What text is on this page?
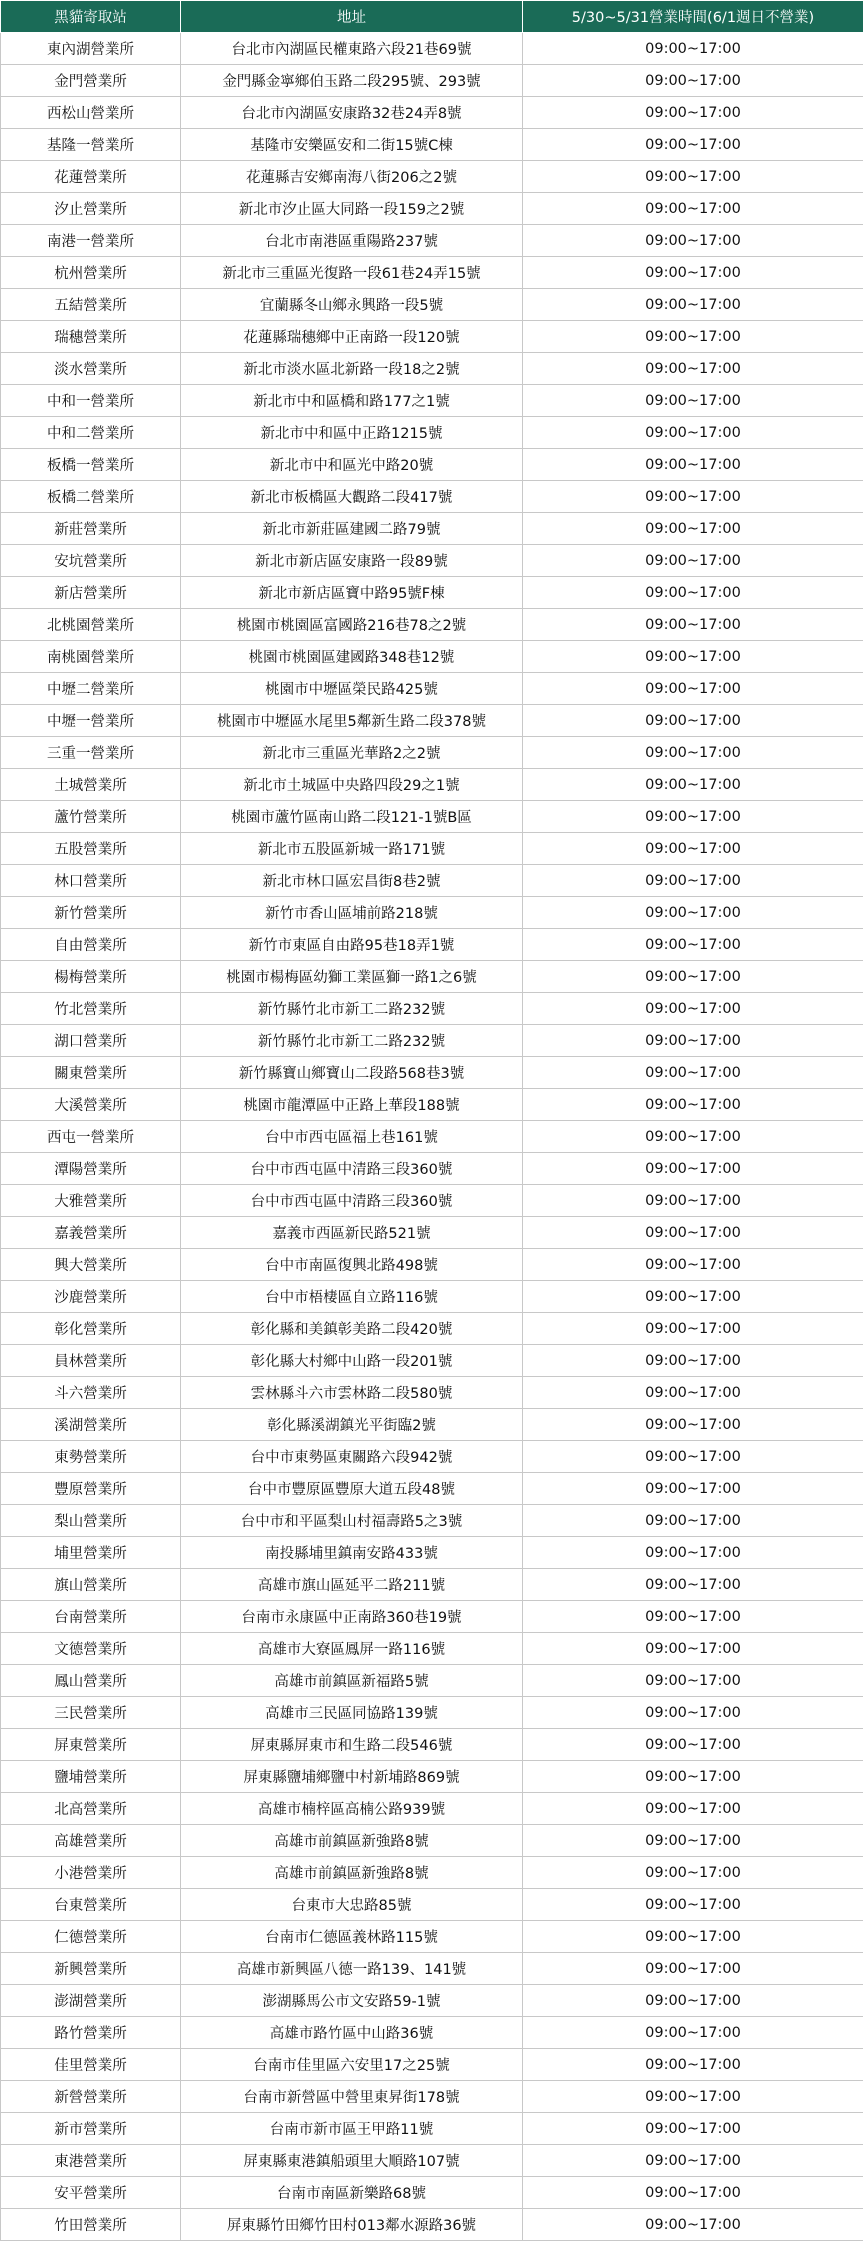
黑貓寄取站	地址	5/30~5/31營業時間(6/1週日不營業)
東內湖營業所	台北市內湖區民權東路六段21巷69號	09:00~17:00
金門營業所	金門縣金寧鄉伯玉路二段295號、293號	09:00~17:00
西松山營業所	台北市內湖區安康路32巷24弄8號	09:00~17:00
基隆一營業所	基隆市安樂區安和二街15號C棟	09:00~17:00
花蓮營業所	花蓮縣吉安鄉南海八街206之2號	09:00~17:00
汐止營業所	新北市汐止區大同路一段159之2號	09:00~17:00
南港一營業所	台北市南港區重陽路237號	09:00~17:00
杭州營業所	新北市三重區光復路一段61巷24弄15號	09:00~17:00
五結營業所	宜蘭縣冬山鄉永興路一段5號	09:00~17:00
瑞穗營業所	花蓮縣瑞穗鄉中正南路一段120號	09:00~17:00
淡水營業所	新北市淡水區北新路一段18之2號	09:00~17:00
中和一營業所	新北市中和區橋和路177之1號	09:00~17:00
中和二營業所	新北市中和區中正路1215號	09:00~17:00
板橋一營業所	新北市中和區光中路20號	09:00~17:00
板橋二營業所	新北市板橋區大觀路二段417號	09:00~17:00
新莊營業所	新北市新莊區建國二路79號	09:00~17:00
安坑營業所	新北市新店區安康路一段89號	09:00~17:00
新店營業所	新北市新店區寶中路95號F棟	09:00~17:00
北桃園營業所	桃園市桃園區富國路216巷78之2號	09:00~17:00
南桃園營業所	桃園市桃園區建國路348巷12號	09:00~17:00
中壢二營業所	桃園市中壢區榮民路425號	09:00~17:00
中壢一營業所	桃園市中壢區水尾里5鄰新生路二段378號	09:00~17:00
三重一營業所	新北市三重區光華路2之2號	09:00~17:00
土城營業所	新北市土城區中央路四段29之1號	09:00~17:00
蘆竹營業所	桃園市蘆竹區南山路二段121-1號B區	09:00~17:00
五股營業所	新北市五股區新城一路171號	09:00~17:00
林口營業所	新北市林口區宏昌街8巷2號	09:00~17:00
新竹營業所	新竹市香山區埔前路218號	09:00~17:00
自由營業所	新竹市東區自由路95巷18弄1號	09:00~17:00
楊梅營業所	桃園市楊梅區幼獅工業區獅一路1之6號	09:00~17:00
竹北營業所	新竹縣竹北市新工二路232號	09:00~17:00
湖口營業所	新竹縣竹北市新工二路232號	09:00~17:00
關東營業所	新竹縣寶山鄉寶山二段路568巷3號	09:00~17:00
大溪營業所	桃園市龍潭區中正路上華段188號	09:00~17:00
西屯一營業所	台中市西屯區福上巷161號	09:00~17:00
潭陽營業所	台中市西屯區中清路三段360號	09:00~17:00
大雅營業所	台中市西屯區中清路三段360號	09:00~17:00
嘉義營業所	嘉義市西區新民路521號	09:00~17:00
興大營業所	台中市南區復興北路498號	09:00~17:00
沙鹿營業所	台中市梧棲區自立路116號	09:00~17:00
彰化營業所	彰化縣和美鎮彰美路二段420號	09:00~17:00
員林營業所	彰化縣大村鄉中山路一段201號	09:00~17:00
斗六營業所	雲林縣斗六市雲林路二段580號	09:00~17:00
溪湖營業所	彰化縣溪湖鎮光平街臨2號	09:00~17:00
東勢營業所	台中市東勢區東關路六段942號	09:00~17:00
豐原營業所	台中市豐原區豐原大道五段48號	09:00~17:00
梨山營業所	台中市和平區梨山村福壽路5之3號	09:00~17:00
埔里營業所	南投縣埔里鎮南安路433號	09:00~17:00
旗山營業所	高雄市旗山區延平二路211號	09:00~17:00
台南營業所	台南市永康區中正南路360巷19號	09:00~17:00
文德營業所	高雄市大寮區鳳屏一路116號	09:00~17:00
鳳山營業所	高雄市前鎮區新福路5號	09:00~17:00
三民營業所	高雄市三民區同協路139號	09:00~17:00
屏東營業所	屏東縣屏東市和生路二段546號	09:00~17:00
鹽埔營業所	屏東縣鹽埔鄉鹽中村新埔路869號	09:00~17:00
北高營業所	高雄市楠梓區高楠公路939號	09:00~17:00
高雄營業所	高雄市前鎮區新強路8號	09:00~17:00
小港營業所	高雄市前鎮區新強路8號	09:00~17:00
台東營業所	台東市大忠路85號	09:00~17:00
仁德營業所	台南市仁德區義林路115號	09:00~17:00
新興營業所	高雄市新興區八德一路139、141號	09:00~17:00
澎湖營業所	澎湖縣馬公市文安路59-1號	09:00~17:00
路竹營業所	高雄市路竹區中山路36號	09:00~17:00
佳里營業所	台南市佳里區六安里17之25號	09:00~17:00
新營營業所	台南市新營區中營里東昇街178號	09:00~17:00
新市營業所	台南市新市區王甲路11號	09:00~17:00
東港營業所	屏東縣東港鎮船頭里大順路107號	09:00~17:00
安平營業所	台南市南區新樂路68號	09:00~17:00
竹田營業所	屏東縣竹田鄉竹田村013鄰水源路36號	09:00~17:00
